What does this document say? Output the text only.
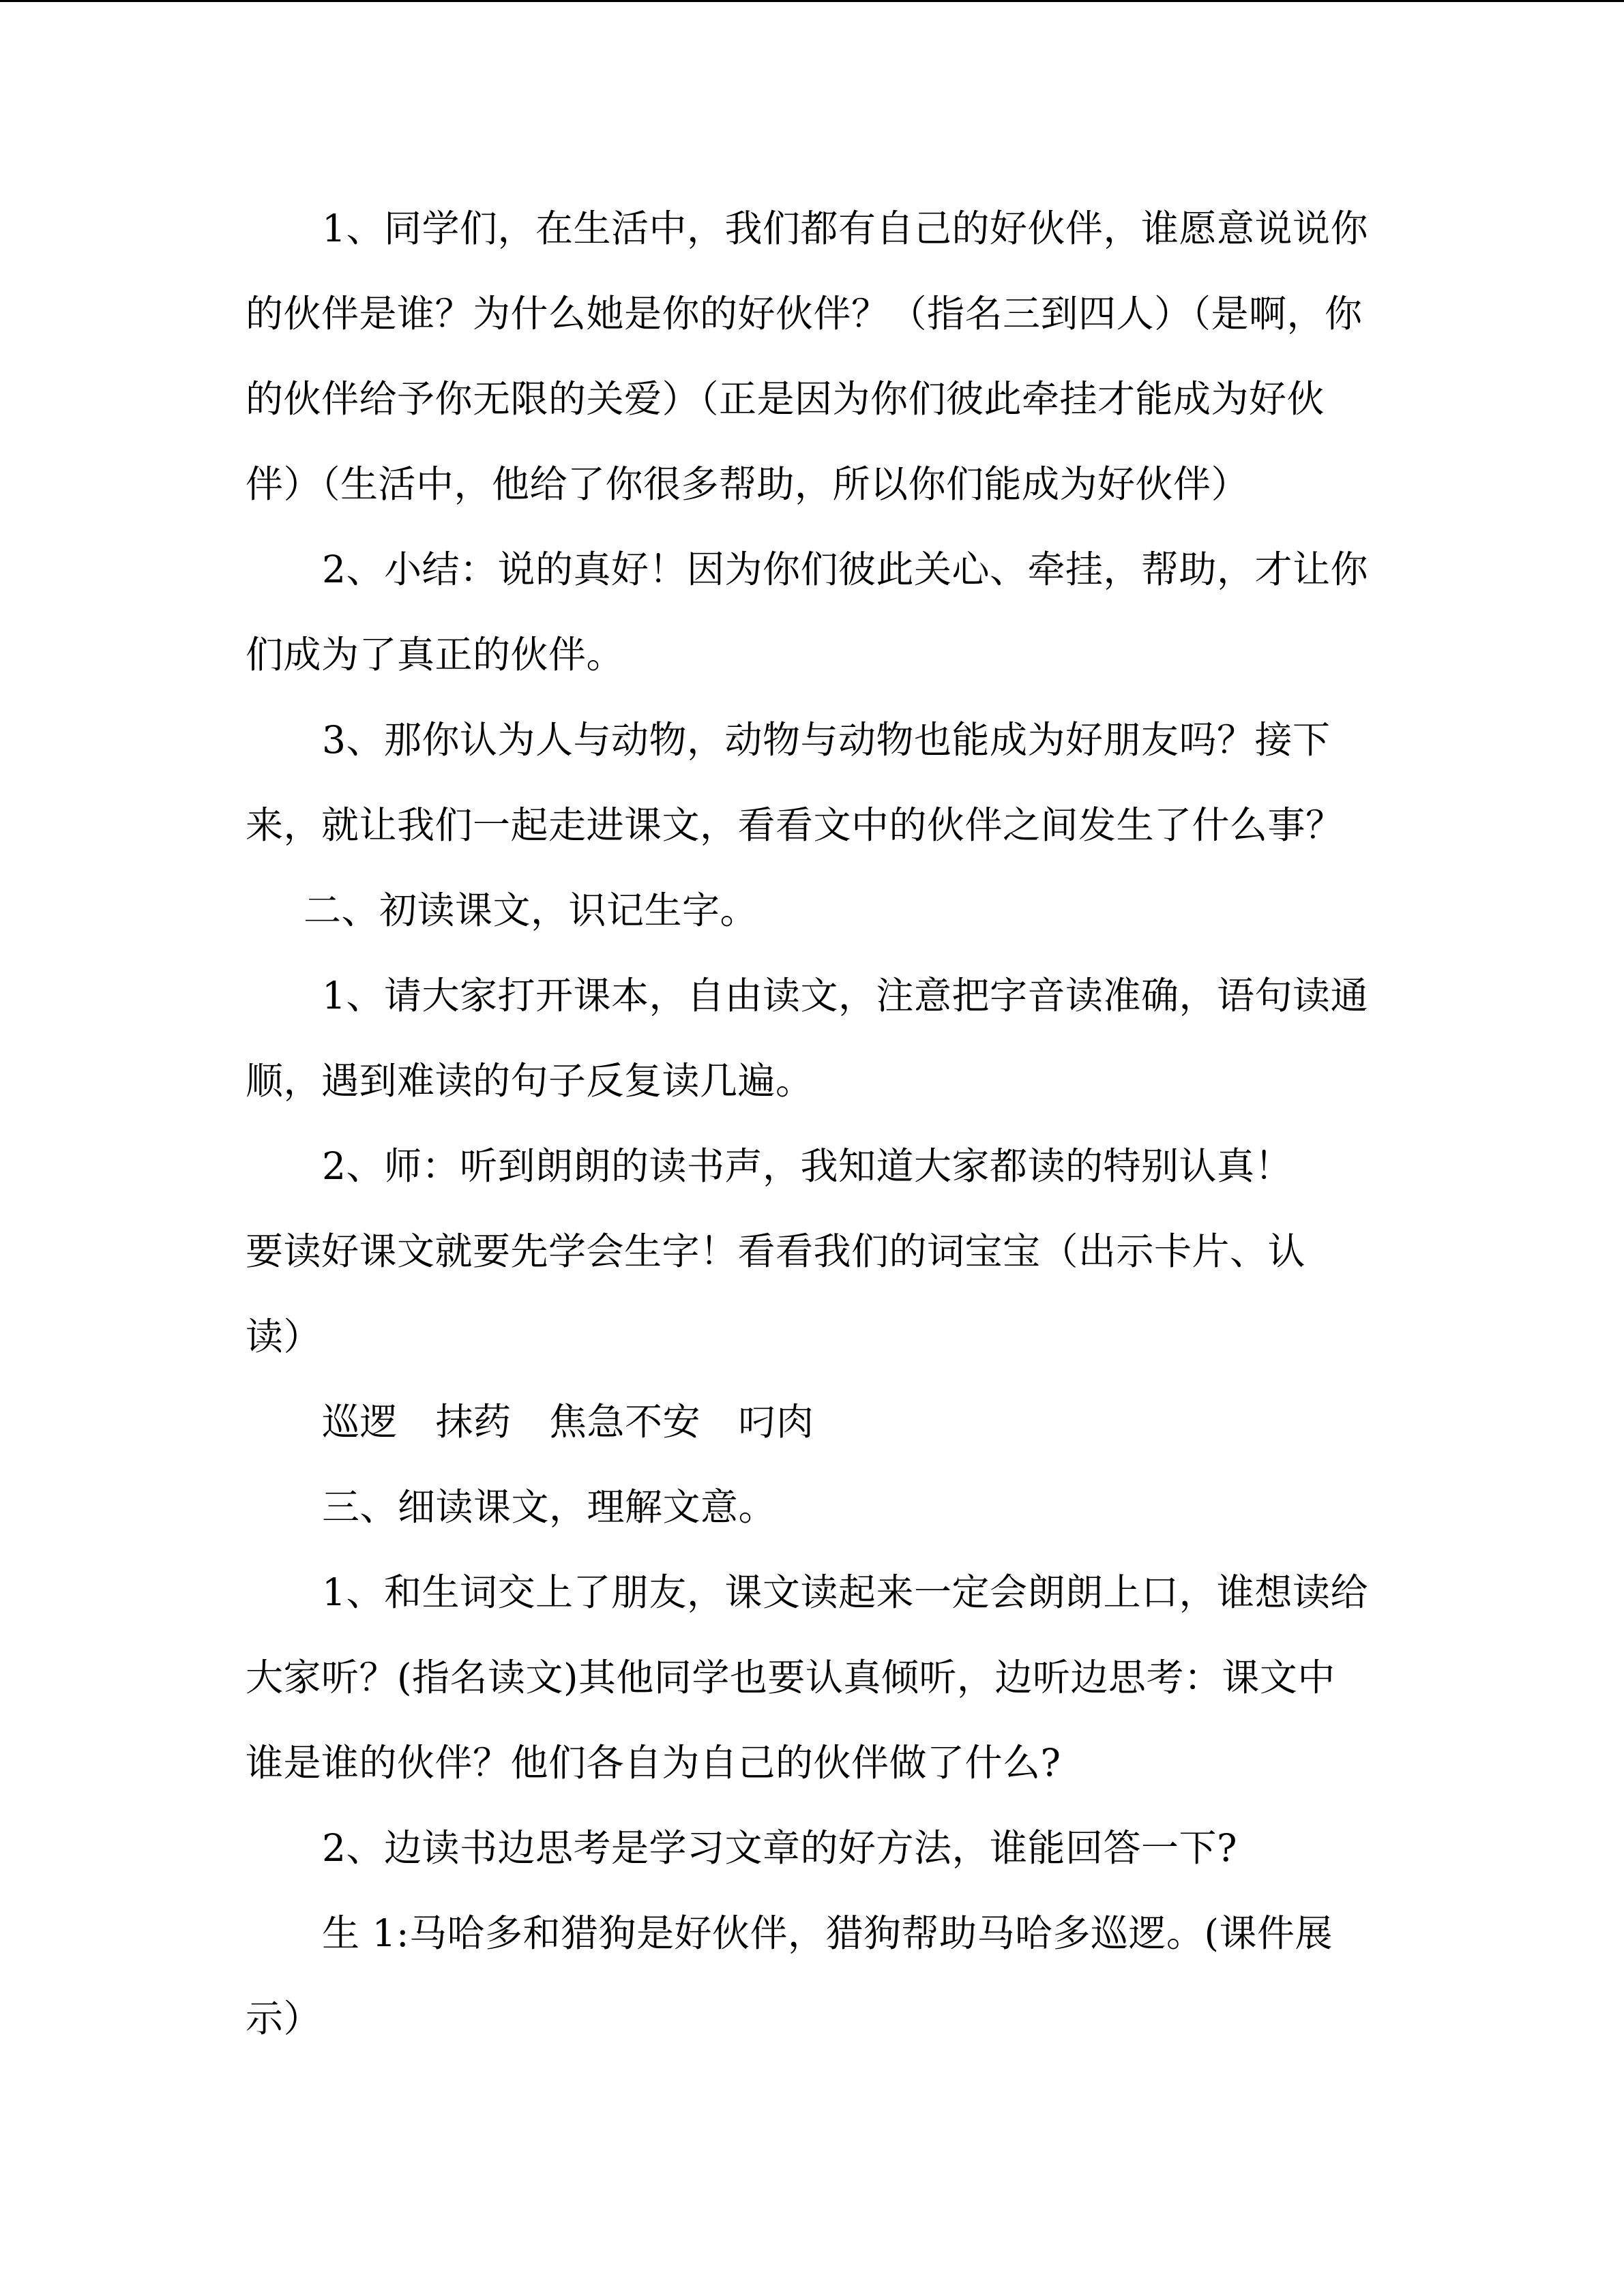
1、同学们，在生活中，我们都有自己的好伙伴，谁愿意说说你
的伙伴是谁？为什么她是你的好伙伴？（指名三到四人）（是啊，你
的伙伴给予你无限的关爱）（正是因为你们彼此牵挂才能成为好伙
伴）（生活中，他给了你很多帮助，所以你们能成为好伙伴）
2、小结：说的真好！因为你们彼此关心、牵挂，帮助，才让你
们成为了真正的伙伴。
3、那你认为人与动物，动物与动物也能成为好朋友吗？接下
来，就让我们一起走进课文，看看文中的伙伴之间发生了什么事？
二、初读课文，识记生字。
1、请大家打开课本，自由读文，注意把字音读准确，语句读通
顺，遇到难读的句子反复读几遍。
2、师：听到朗朗的读书声，我知道大家都读的特别认真！
要读好课文就要先学会生字！看看我们的词宝宝（出示卡片、认
读）
巡逻　抹药　焦急不安　叼肉
三、细读课文，理解文意。
1、和生词交上了朋友，课文读起来一定会朗朗上口，谁想读给
大家听？(指名读文)其他同学也要认真倾听，边听边思考：课文中
谁是谁的伙伴？他们各自为自己的伙伴做了什么?
2、边读书边思考是学习文章的好方法，谁能回答一下?
生 1:马哈多和猎狗是好伙伴，猎狗帮助马哈多巡逻。(课件展
示）
